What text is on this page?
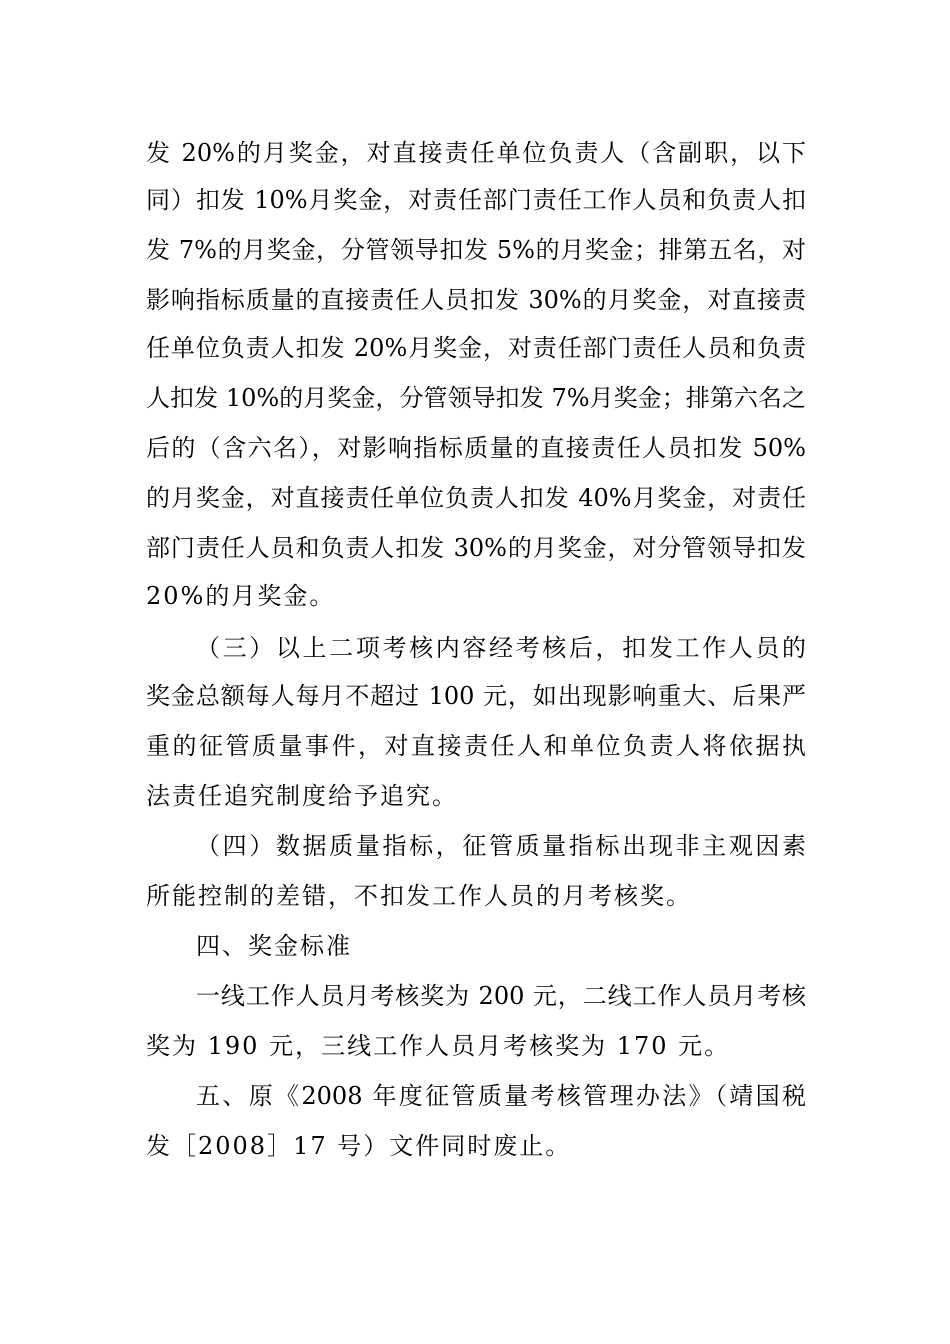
发 20%的月奖金，对直接责任单位负责人（含副职，以下
同）扣发 10%月奖金，对责任部门责任工作人员和负责人扣
发 7%的月奖金，分管领导扣发 5%的月奖金；排第五名，对
影响指标质量的直接责任人员扣发 30%的月奖金，对直接责
任单位负责人扣发 20%月奖金，对责任部门责任人员和负责
人扣发 10%的月奖金，分管领导扣发 7%月奖金；排第六名之
后的（含六名），对影响指标质量的直接责任人员扣发 50%
的月奖金，对直接责任单位负责人扣发 40%月奖金，对责任
部门责任人员和负责人扣发 30%的月奖金，对分管领导扣发
20%的月奖金。
（三）以上二项考核内容经考核后，扣发工作人员的
奖金总额每人每月不超过 100 元，如出现影响重大、后果严
重的征管质量事件，对直接责任人和单位负责人将依据执
法责任追究制度给予追究。
（四）数据质量指标，征管质量指标出现非主观因素
所能控制的差错，不扣发工作人员的月考核奖。
四、奖金标准
一线工作人员月考核奖为 200 元，二线工作人员月考核
奖为 190 元，三线工作人员月考核奖为 170 元。
五、原《2008 年度征管质量考核管理办法》（靖国税
发［2008］17 号）文件同时废止。
